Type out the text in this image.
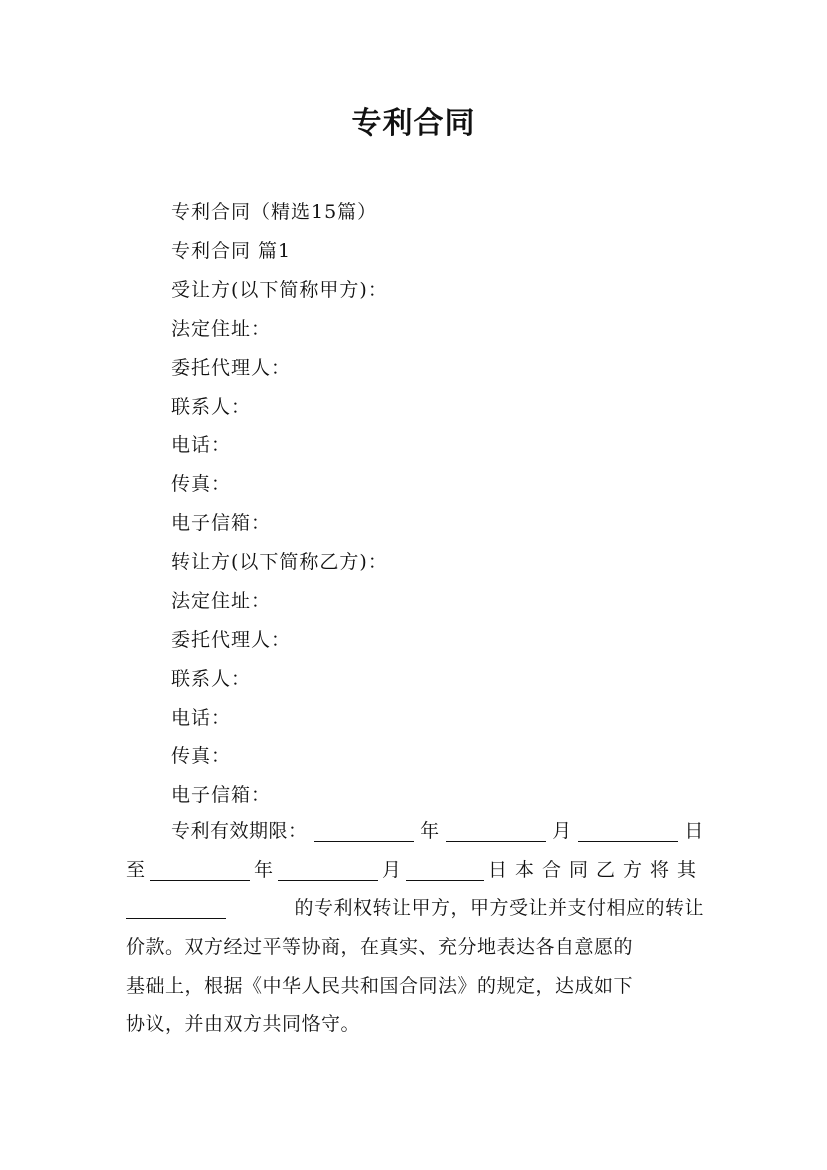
专利合同
专利合同（精选15篇）
专利合同 篇1
受让方(以下简称甲方)：
法定住址：
委托代理人：
联系人：
电话：
传真：
电子信箱：
转让方(以下简称乙方)：
法定住址：
委托代理人：
联系人：
电话：
传真：
电子信箱：
专利有效期限：	年	月	日
至	年	月	日本合同乙方将其
的专利权转让甲方，甲方受让并支付相应的转让
价款。双方经过平等协商，在真实、充分地表达各自意愿的
基础上，根据《中华人民共和国合同法》的规定，达成如下
协议，并由双方共同恪守。
